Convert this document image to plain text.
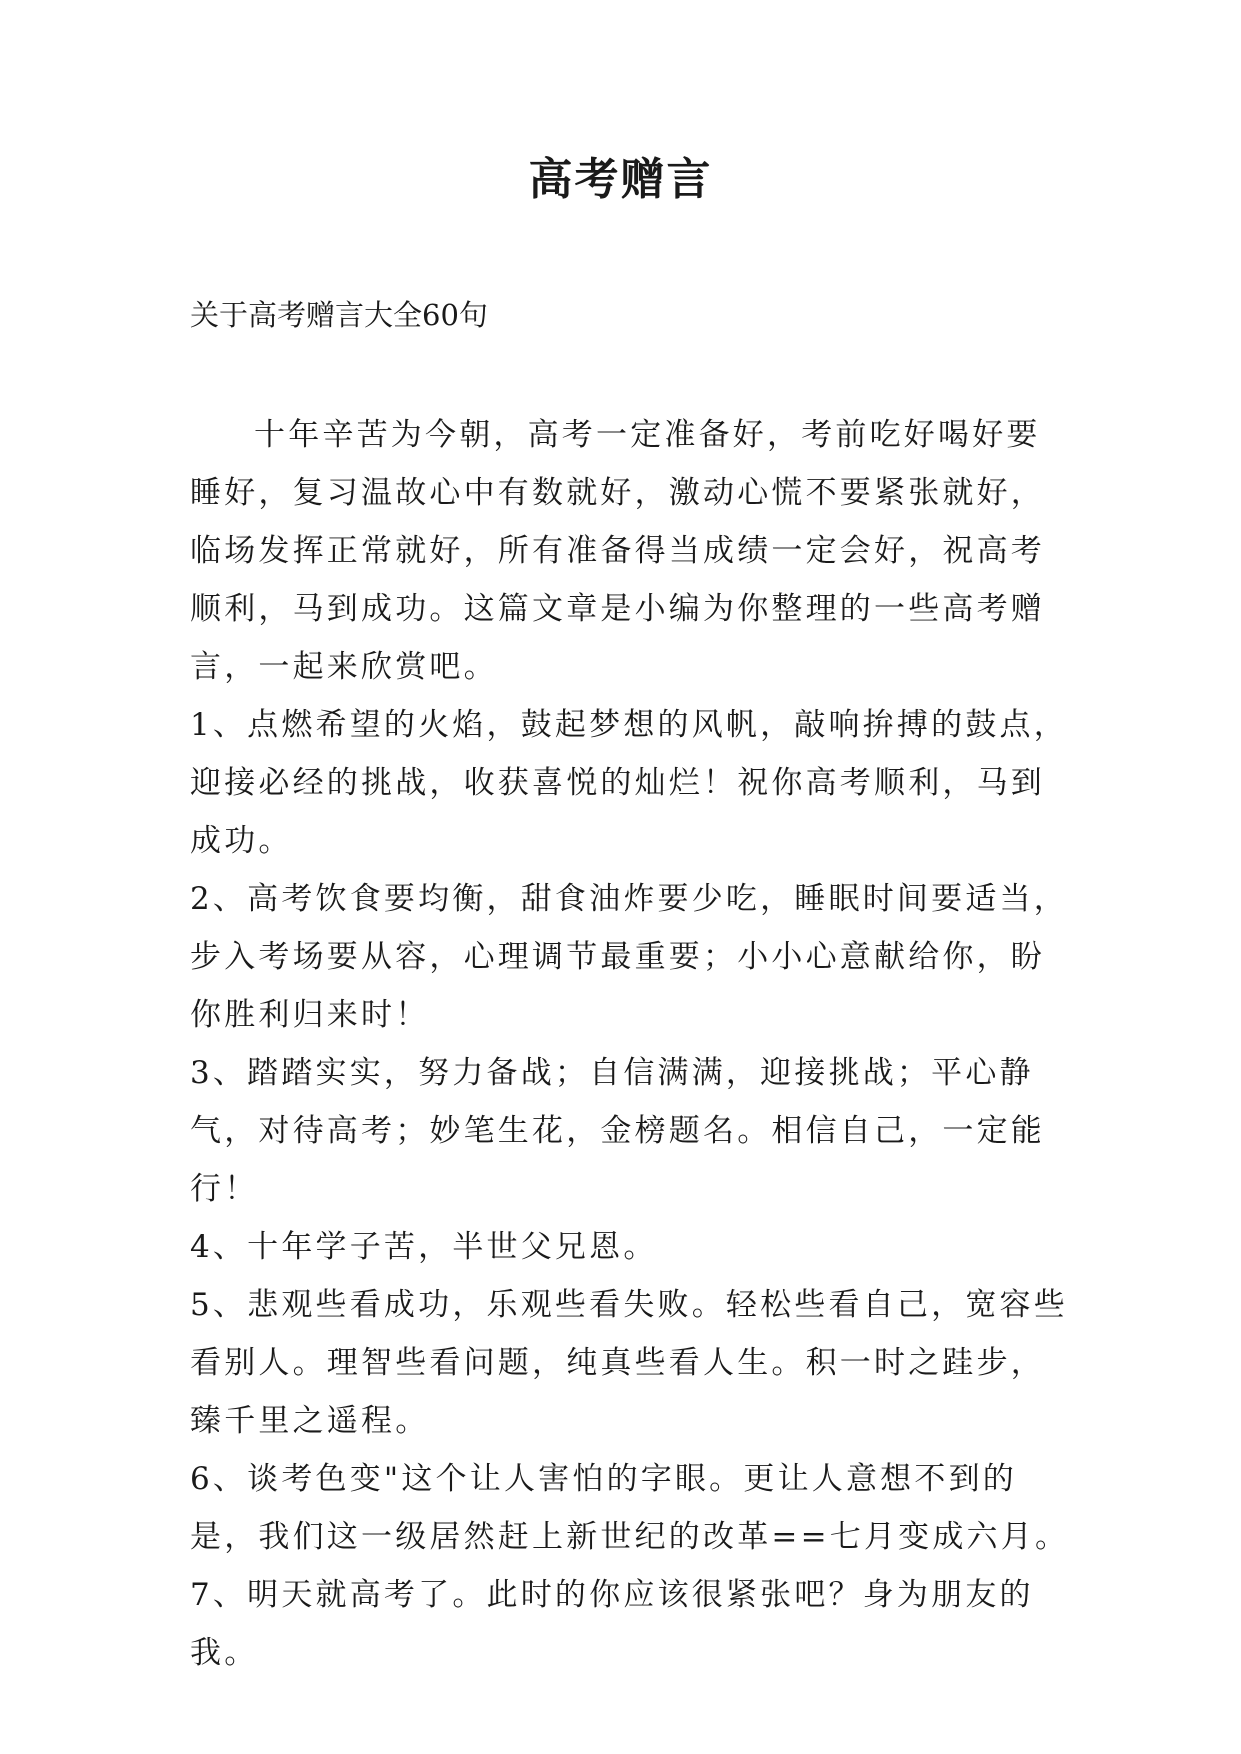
高考赠言
关于高考赠言大全60句

十年辛苦为今朝，高考一定准备好，考前吃好喝好要睡好，复习温故心中有数就好，激动心慌不要紧张就好，临场发挥正常就好，所有准备得当成绩一定会好，祝高考顺利，马到成功。这篇文章是小编为你整理的一些高考赠言，一起来欣赏吧。

1、点燃希望的火焰，鼓起梦想的风帆，敲响拚搏的鼓点，迎接必经的挑战，收获喜悦的灿烂！祝你高考顺利，马到成功。

2、高考饮食要均衡，甜食油炸要少吃，睡眠时间要适当，步入考场要从容，心理调节最重要；小小心意献给你，盼你胜利归来时！

3、踏踏实实，努力备战；自信满满，迎接挑战；平心静气，对待高考；妙笔生花，金榜题名。相信自己，一定能行！

4、十年学子苦，半世父兄恩。

5、悲观些看成功，乐观些看失败。轻松些看自己，宽容些看别人。理智些看问题，纯真些看人生。积一时之跬步，臻千里之遥程。

6、谈考色变"这个让人害怕的字眼。更让人意想不到的是，我们这一级居然赶上新世纪的改革==七月变成六月。

7、明天就高考了。此时的你应该很紧张吧？身为朋友的我。
